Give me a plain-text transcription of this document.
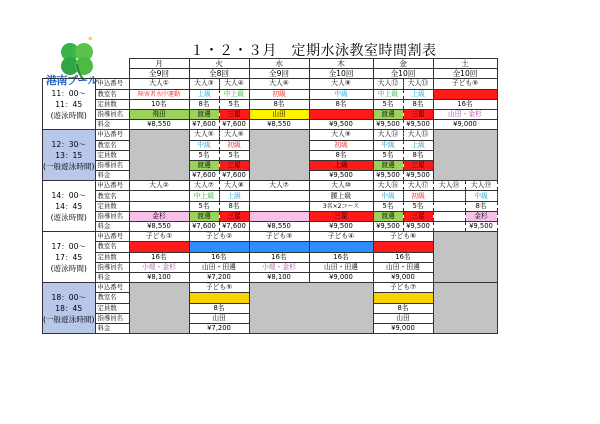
*
港南プール
１・２・３月　定期水泳教室時間割表
		月	火		水	木	金		土	
		全9回	全8回		全9回	全10回	全10回		全10回	

11：00～
11：45
(遊泳時間)	申込番号	大人①	大人③	大人④	大人⑥	大人⑧	大人⑫	大人⑬	子ども⑨	
	教室名	障害者水中運動	上級	中上級	初級	中級	中上級	上級		
	定員数	10名	8名	5名	8名	8名	5名	8名	16名	
	指導員名	飛田	渡邊	三星	山田		渡邊	三星	山田・金杉	
	料金	¥8,550	¥7,600	¥7,600	¥8,550	¥9,500	¥9,500	¥9,500	¥9,000	

12：30～
13：15
(一般遊泳時間)	申込番号		大人⑤	大人⑥		大人⑨	大人⑭	大人⑮		
	教室名		中級	初級		初級	中級	上級		
	定員数		5名	5名		8名	5名	8名		
	指導員名		渡邊	三星		上級	渡邊	三星		
	料金		¥7,600	¥7,600		¥9,500	¥9,500	¥9,500		

14：00～
14：45
(遊泳時間)	申込番号	大人②	大人⑦	大人⑧	大人⑦	大人⑩	大人⑯	大人⑰	大人⑱	大人⑲
	教室名		中上級	上級		腰上級	中級	初級		中級
	定員数		5名	8名		3名×2コース	5名	5名		8名
	指導員名	金杉	渡邊	三星		三星	渡邊	三星		金杉
	料金	¥8,550	¥7,600	¥7,600	¥8,550	¥9,500	¥9,500	¥9,500		¥9,500

17：00～
17：45
(遊泳時間)	申込番号	子ども①	子ども②		子ども③	子ども④	子ども⑥			
	教室名									
	定員数	16名	16名		16名	16名	16名			
	指導員名	小堤・金杉	山田・田邊		小堤・金杉	山田・田邊	山田・田邊			
	料金	¥8,100	¥7,200		¥8,100	¥9,000	¥9,000			

18：00～
18：45
(一般遊泳時間)	申込番号		子ども⑤				子ども⑦			
	教室名									
	定員数		8名				8名			
	指導員名		山田				山田			
	料金		¥7,200				¥9,000			
